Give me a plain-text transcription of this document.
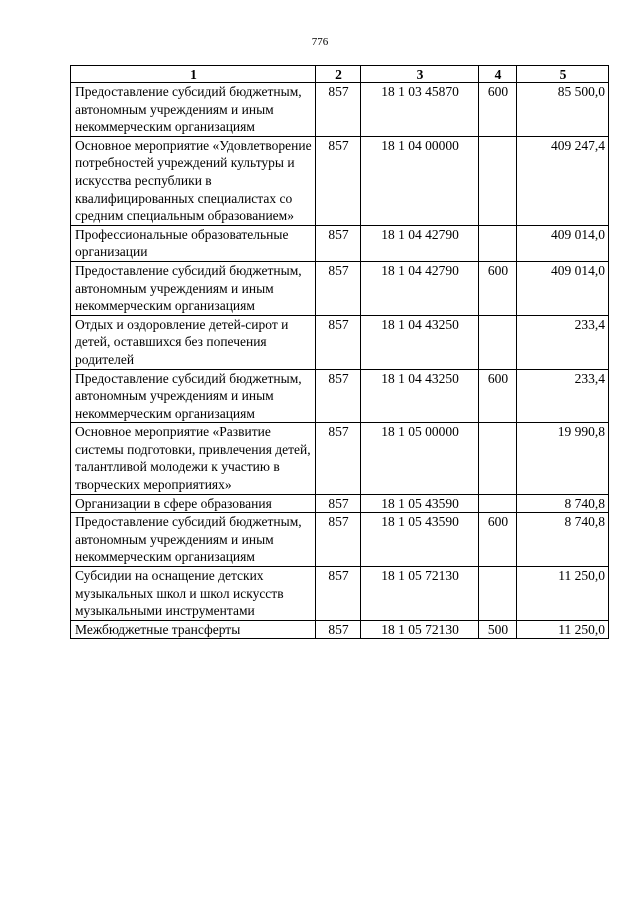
776
1	2	3	4	5

Предоставление субсидий бюджетным, автономным учреждениям и иным некоммерческим организациям	857	18 1 03 45870	600	85 500,0

Основное мероприятие «Удовлетворение потребностей учреждений культуры и искусства республики в квалифицированных специалистах со средним специальным образованием»	857	18 1 04 00000		409 247,4

Профессиональные образовательные организации	857	18 1 04 42790		409 014,0

Предоставление субсидий бюджетным, автономным учреждениям и иным некоммерческим организациям	857	18 1 04 42790	600	409 014,0

Отдых и оздоровление детей-сирот и детей, оставшихся без попечения родителей	857	18 1 04 43250		233,4

Предоставление субсидий бюджетным, автономным учреждениям и иным некоммерческим организациям	857	18 1 04 43250	600	233,4

Основное мероприятие «Развитие системы подготовки, привлечения детей, талантливой молодежи к участию в творческих мероприятиях»	857	18 1 05 00000		19 990,8

Организации в сфере образования	857	18 1 05 43590		8 740,8

Предоставление субсидий бюджетным, автономным учреждениям и иным некоммерческим организациям	857	18 1 05 43590	600	8 740,8

Субсидии на оснащение детских музыкальных школ и школ искусств музыкальными инструментами	857	18 1 05 72130		11 250,0

Межбюджетные трансферты	857	18 1 05 72130	500	11 250,0
